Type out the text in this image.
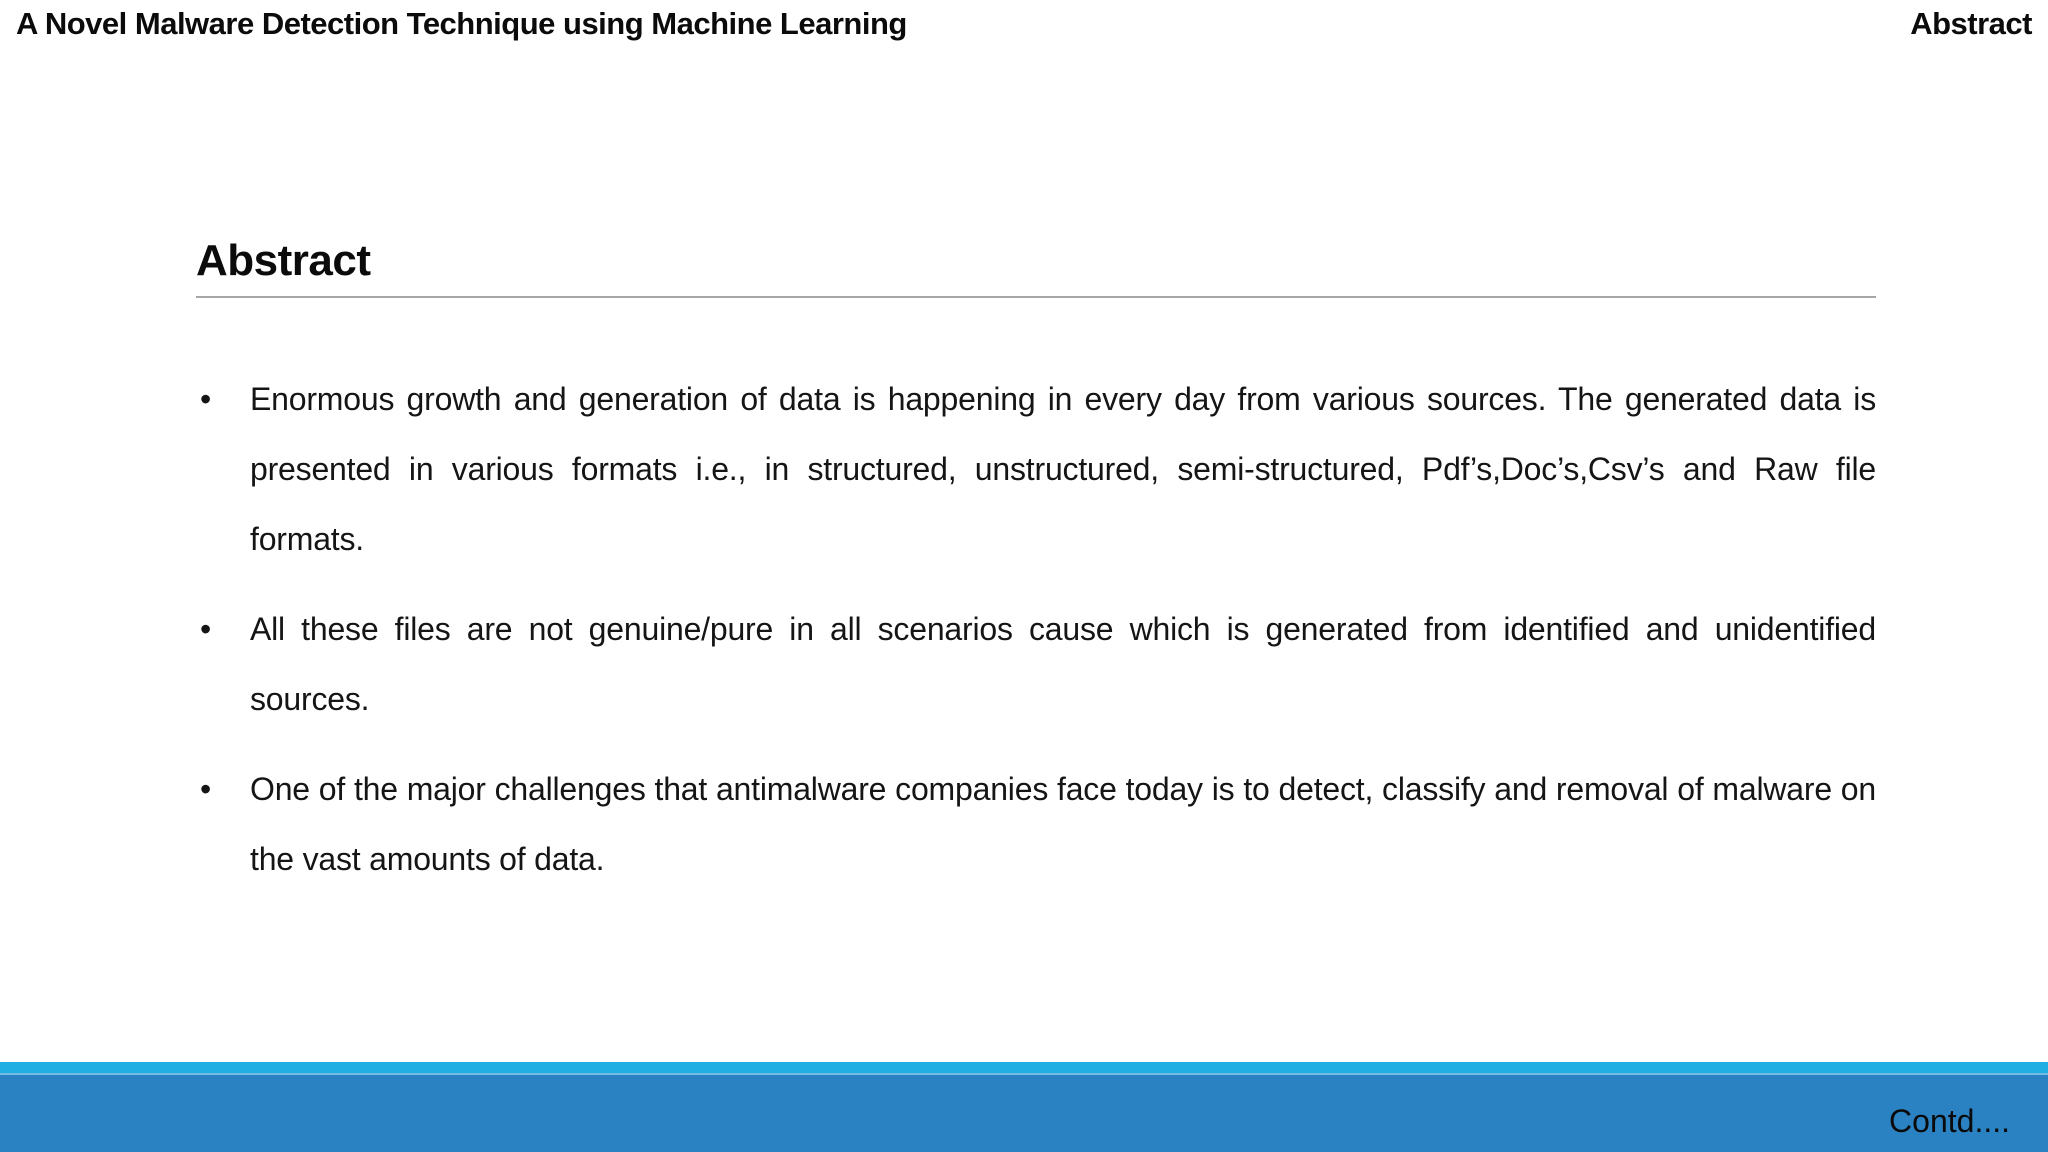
A Novel Malware Detection Technique using Machine Learning	Abstract
Abstract
• Enormous growth and generation of data is happening in every day from various sources. The generated data is presented in various formats i.e., in structured, unstructured, semi-structured, Pdf’s,Doc’s,Csv’s and Raw file formats.
• All these files are not genuine/pure in all scenarios cause which is generated from identified and unidentified sources.
• One of the major challenges that antimalware companies face today is to detect, classify and removal of malware on the vast amounts of data.
Contd....
